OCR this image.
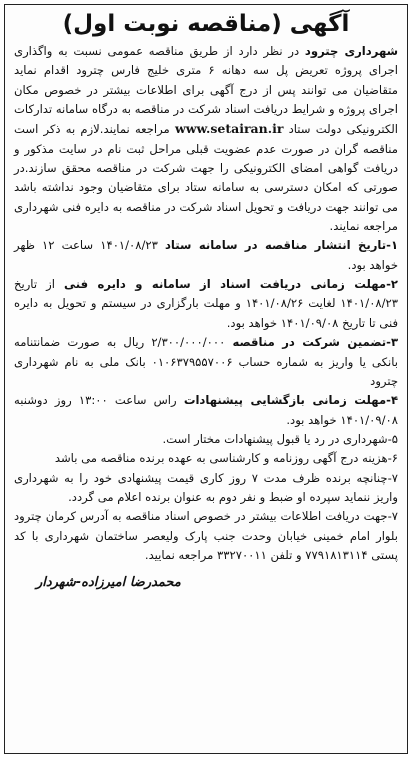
آگهی (مناقصه نوبت اول)

شهرداری چترود در نظر دارد از طریق مناقصه عمومی نسبت به واگذاری اجرای پروژه تعریض پل سه دهانه ۶ متری خلیج فارس چترود اقدام نماید متقاضیان می توانند پس از درج آگهی برای اطلاعات بیشتر در خصوص مکان اجرای پروژه و شرایط دریافت اسناد شرکت در مناقصه به درگاه سامانه تدارکات الکترونیکی دولت ستاد www.setairan.ir مراجعه نمایند.لازم به ذکر است مناقصه گران در صورت عدم عضویت قبلی مراحل ثبت نام در سایت مذکور و دریافت گواهی امضای الکترونیکی را جهت شرکت در مناقصه محقق سازند.در صورتی که امکان دسترسی به سامانه ستاد برای متقاضیان وجود نداشته باشد می توانند جهت دریافت و تحویل اسناد شرکت در مناقصه به دایره فنی شهرداری مراجعه نمایند.

۱-تاریخ انتشار مناقصه در سامانه ستاد ۱۴۰۱/۰۸/۲۳ ساعت ۱۲ ظهر خواهد بود.

۲-مهلت زمانی دریافت اسناد از سامانه و دایره فنی از تاریخ ۱۴۰۱/۰۸/۲۳ لغایت ۱۴۰۱/۰۸/۲۶ و مهلت بارگزاری در سیستم و تحویل به دایره فنی تا تاریخ ۱۴۰۱/۰۹/۰۸ خواهد بود.

۳-تضمین شرکت در مناقصه ۲/۳۰۰/۰۰۰/۰۰۰ ریال به صورت ضمانتنامه بانکی یا واریز به شماره حساب ۰۱۰۶۳۷۹۵۵۷۰۰۶ بانک ملی به نام شهرداری چترود

۴-مهلت زمانی بازگشایی پیشنهادات راس ساعت ۱۳:۰۰ روز دوشنبه ۱۴۰۱/۰۹/۰۸ خواهد بود.

۵-شهرداری در رد یا قبول پیشنهادات مختار است.

۶-هزینه درج آگهی روزنامه و کارشناسی به عهده برنده مناقصه می باشد

۷-چنانچه برنده ظرف مدت ۷ روز کاری قیمت پیشنهادی خود را به شهرداری واریز ننماید سپرده او ضبط و نفر دوم به عنوان برنده اعلام می گردد.

۷-جهت دریافت اطلاعات بیشتر در خصوص اسناد مناقصه به آدرس کرمان چترود بلوار امام خمینی خیابان وحدت جنب پارک ولیعصر ساختمان شهرداری با کد پستی ۷۷۹۱۸۱۳۱۱۴ و تلفن ۳۳۲۷۰۰۱۱ مراجعه نمایید.

محمدرضا امیرزاده-شهردار
